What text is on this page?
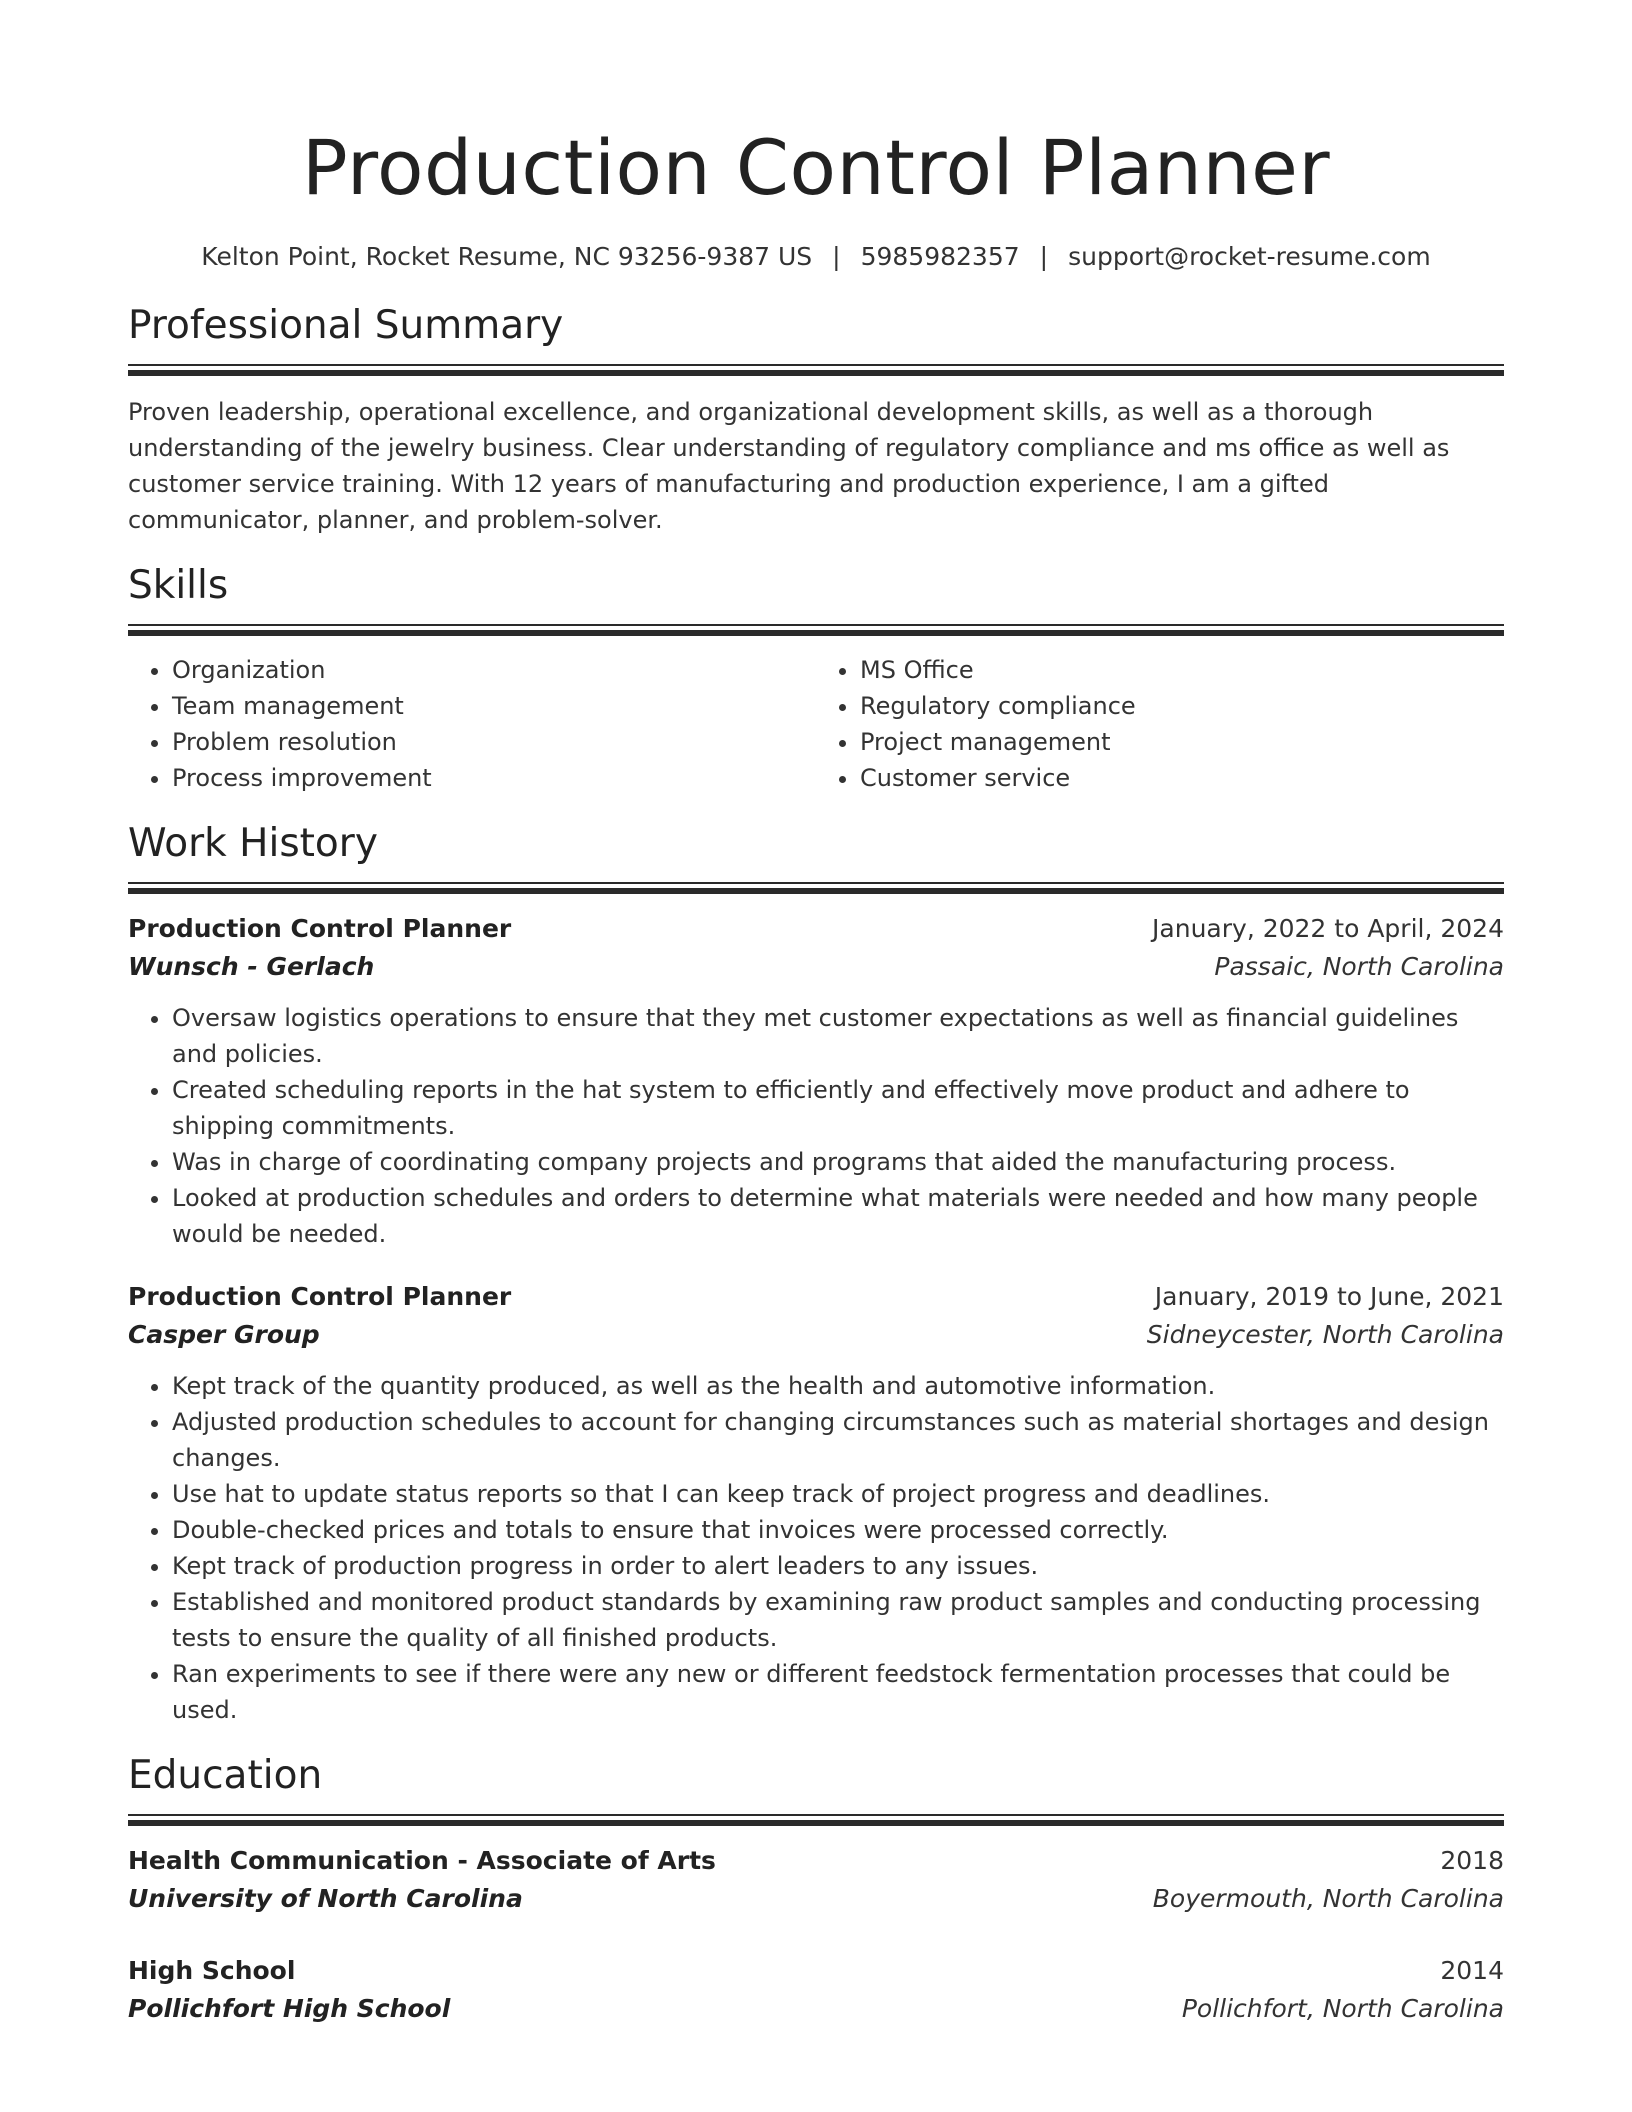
Production Control Planner
Kelton Point, Rocket Resume, NC 93256-9387 US | 5985982357 | support@rocket-resume.com
Professional Summary
Proven leadership, operational excellence, and organizational development skills, as well as a thorough understanding of the jewelry business. Clear understanding of regulatory compliance and ms office as well as customer service training. With 12 years of manufacturing and production experience, I am a gifted communicator, planner, and problem-solver.
Skills
• Organization
• Team management
• Problem resolution
• Process improvement
• MS Office
• Regulatory compliance
• Project management
• Customer service
Work History
Production Control Planner	January, 2022 to April, 2024
Wunsch - Gerlach	Passaic, North Carolina
• Oversaw logistics operations to ensure that they met customer expectations as well as financial guidelines and policies.
• Created scheduling reports in the hat system to efficiently and effectively move product and adhere to shipping commitments.
• Was in charge of coordinating company projects and programs that aided the manufacturing process.
• Looked at production schedules and orders to determine what materials were needed and how many people would be needed.
Production Control Planner	January, 2019 to June, 2021
Casper Group	Sidneycester, North Carolina
• Kept track of the quantity produced, as well as the health and automotive information.
• Adjusted production schedules to account for changing circumstances such as material shortages and design changes.
• Use hat to update status reports so that I can keep track of project progress and deadlines.
• Double-checked prices and totals to ensure that invoices were processed correctly.
• Kept track of production progress in order to alert leaders to any issues.
• Established and monitored product standards by examining raw product samples and conducting processing tests to ensure the quality of all finished products.
• Ran experiments to see if there were any new or different feedstock fermentation processes that could be used.
Education
Health Communication - Associate of Arts	2018
University of North Carolina	Boyermouth, North Carolina
High School	2014
Pollichfort High School	Pollichfort, North Carolina
